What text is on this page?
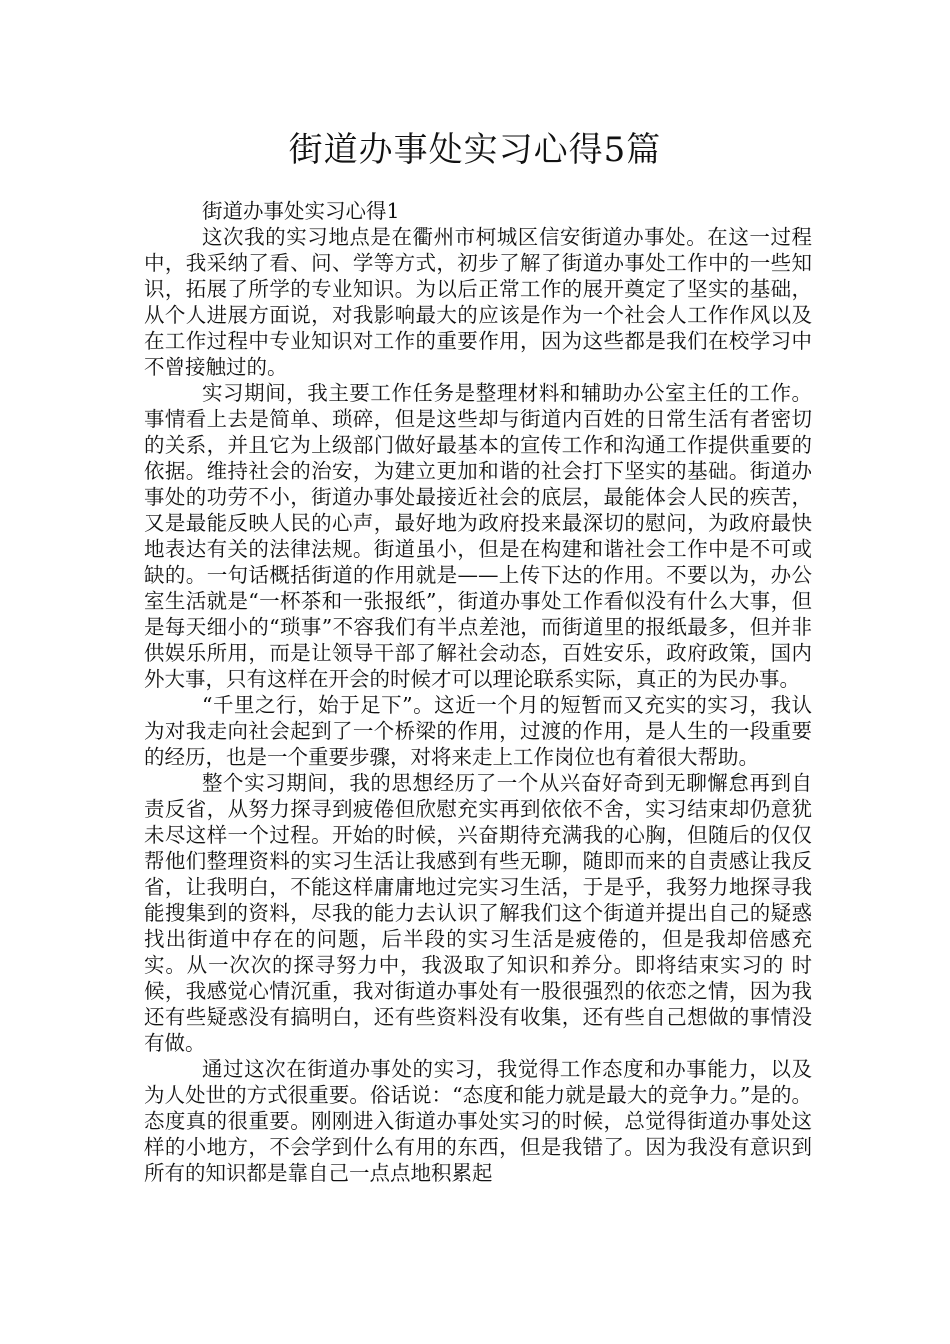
街道办事处实习心得5篇

街道办事处实习心得1

这次我的实习地点是在衢州市柯城区信安街道办事处。在这一过程中，我采纳了看、问、学等方式，初步了解了街道办事处工作中的一些知识，拓展了所学的专业知识。为以后正常工作的展开奠定了坚实的基础，从个人进展方面说，对我影响最大的应该是作为一个社会人工作作风以及在工作过程中专业知识对工作的重要作用，因为这些都是我们在校学习中不曾接触过的。

实习期间，我主要工作任务是整理材料和辅助办公室主任的工作。事情看上去是简单、琐碎，但是这些却与街道内百姓的日常生活有者密切的关系，并且它为上级部门做好最基本的宣传工作和沟通工作提供重要的依据。维持社会的治安，为建立更加和谐的社会打下坚实的基础。街道办事处的功劳不小，街道办事处最接近社会的底层，最能体会人民的疾苦，又是最能反映人民的心声，最好地为政府投来最深切的慰问，为政府最快地表达有关的法律法规。街道虽小，但是在构建和谐社会工作中是不可或缺的。一句话概括街道的作用就是——上传下达的作用。不要以为，办公室生活就是“一杯茶和一张报纸”，街道办事处工作看似没有什么大事，但是每天细小的“琐事”不容我们有半点差池，而街道里的报纸最多，但并非供娱乐所用，而是让领导干部了解社会动态，百姓安乐，政府政策，国内外大事，只有这样在开会的时候才可以理论联系实际，真正的为民办事。

“千里之行，始于足下”。这近一个月的短暂而又充实的实习，我认为对我走向社会起到了一个桥梁的作用，过渡的作用，是人生的一段重要的经历，也是一个重要步骤，对将来走上工作岗位也有着很大帮助。

整个实习期间，我的思想经历了一个从兴奋好奇到无聊懈怠再到自责反省，从努力探寻到疲倦但欣慰充实再到依依不舍，实习结束却仍意犹未尽这样一个过程。开始的时候，兴奋期待充满我的心胸，但随后的仅仅帮他们整理资料的实习生活让我感到有些无聊，随即而来的自责感让我反省，让我明白，不能这样庸庸地过完实习生活，于是乎，我努力地探寻我能搜集到的资料，尽我的能力去认识了解我们这个街道并提出自己的疑惑找出街道中存在的问题，后半段的实习生活是疲倦的，但是我却倍感充实。从一次次的探寻努力中，我汲取了知识和养分。即将结束实习的 时候，我感觉心情沉重，我对街道办事处有一股很强烈的依恋之情，因为我还有些疑惑没有搞明白，还有些资料没有收集，还有些自己想做的事情没有做。

通过这次在街道办事处的实习，我觉得工作态度和办事能力，以及为人处世的方式很重要。俗话说：“态度和能力就是最大的竞争力。”是的。态度真的很重要。刚刚进入街道办事处实习的时候，总觉得街道办事处这样的小地方，不会学到什么有用的东西，但是我错了。因为我没有意识到所有的知识都是靠自己一点点地积累起
